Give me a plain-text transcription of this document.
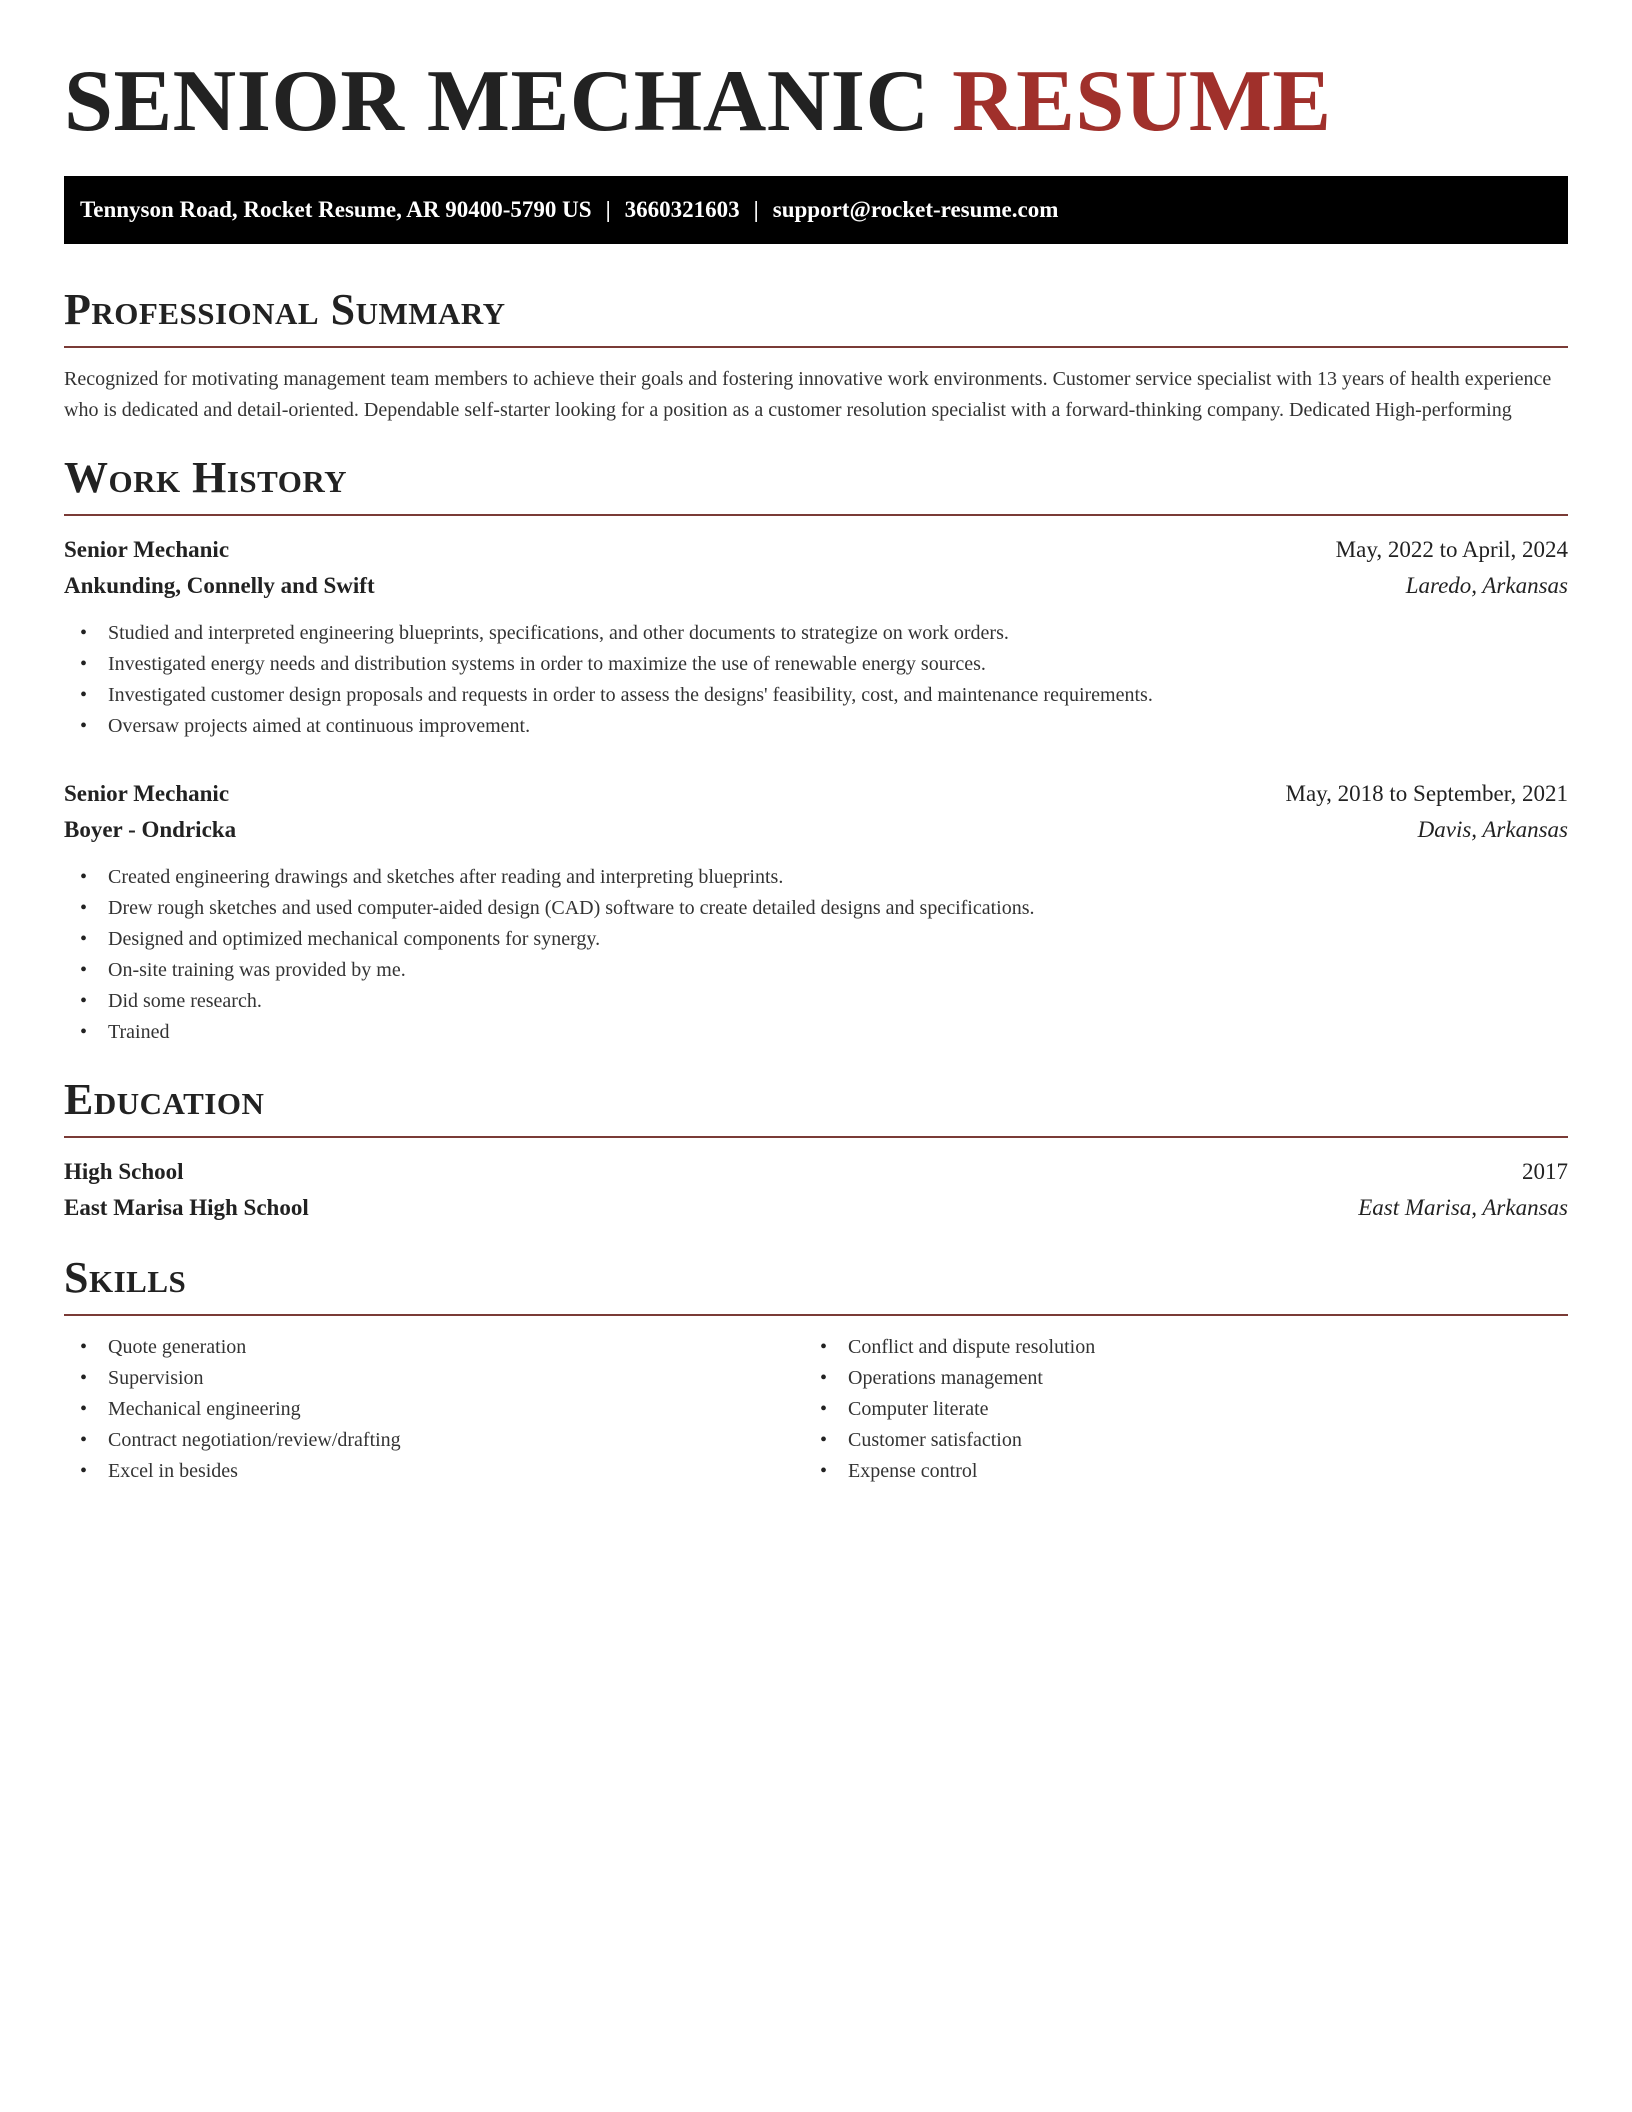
SENIOR MECHANIC RESUME
Tennyson Road, Rocket Resume, AR 90400-5790 US | 3660321603 | support@rocket-resume.com
Professional Summary
Recognized for motivating management team members to achieve their goals and fostering innovative work environments. Customer service specialist with 13 years of health experience who is dedicated and detail-oriented. Dependable self-starter looking for a position as a customer resolution specialist with a forward-thinking company. Dedicated High-performing
Work History
Senior Mechanic	May, 2022 to April, 2024
Ankunding, Connelly and Swift	Laredo, Arkansas
• Studied and interpreted engineering blueprints, specifications, and other documents to strategize on work orders.
• Investigated energy needs and distribution systems in order to maximize the use of renewable energy sources.
• Investigated customer design proposals and requests in order to assess the designs' feasibility, cost, and maintenance requirements.
• Oversaw projects aimed at continuous improvement.
Senior Mechanic	May, 2018 to September, 2021
Boyer - Ondricka	Davis, Arkansas
• Created engineering drawings and sketches after reading and interpreting blueprints.
• Drew rough sketches and used computer-aided design (CAD) software to create detailed designs and specifications.
• Designed and optimized mechanical components for synergy.
• On-site training was provided by me.
• Did some research.
• Trained
Education
High School	2017
East Marisa High School	East Marisa, Arkansas
Skills
• Quote generation
• Supervision
• Mechanical engineering
• Contract negotiation/review/drafting
• Excel in besides
• Conflict and dispute resolution
• Operations management
• Computer literate
• Customer satisfaction
• Expense control
